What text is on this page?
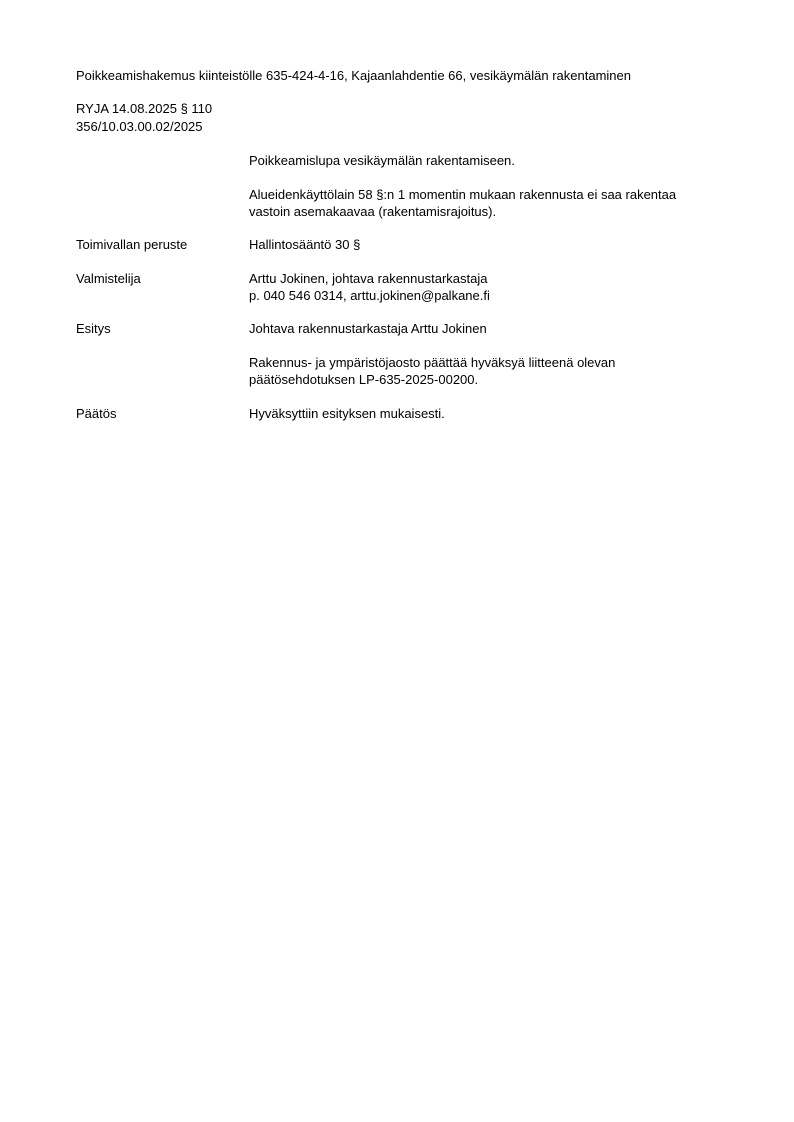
Poikkeamishakemus kiinteistölle 635-424-4-16, Kajaanlahdentie 66, vesikäymälän rakentaminen
RYJA 14.08.2025 § 110
356/10.03.00.02/2025
Poikkeamislupa vesikäymälän rakentamiseen.
Alueidenkäyttölain 58 §:n 1 momentin mukaan rakennusta ei saa rakentaa
vastoin asemakaavaa (rakentamisrajoitus).
Toimivallan peruste	Hallintosääntö 30 §
Valmistelija	Arttu Jokinen, johtava rakennustarkastaja
p. 040 546 0314, arttu.jokinen@palkane.fi
Esitys	Johtava rakennustarkastaja Arttu Jokinen
Rakennus- ja ympäristöjaosto päättää hyväksyä liitteenä olevan
päätösehdotuksen LP-635-2025-00200.
Päätös	Hyväksyttiin esityksen mukaisesti.
